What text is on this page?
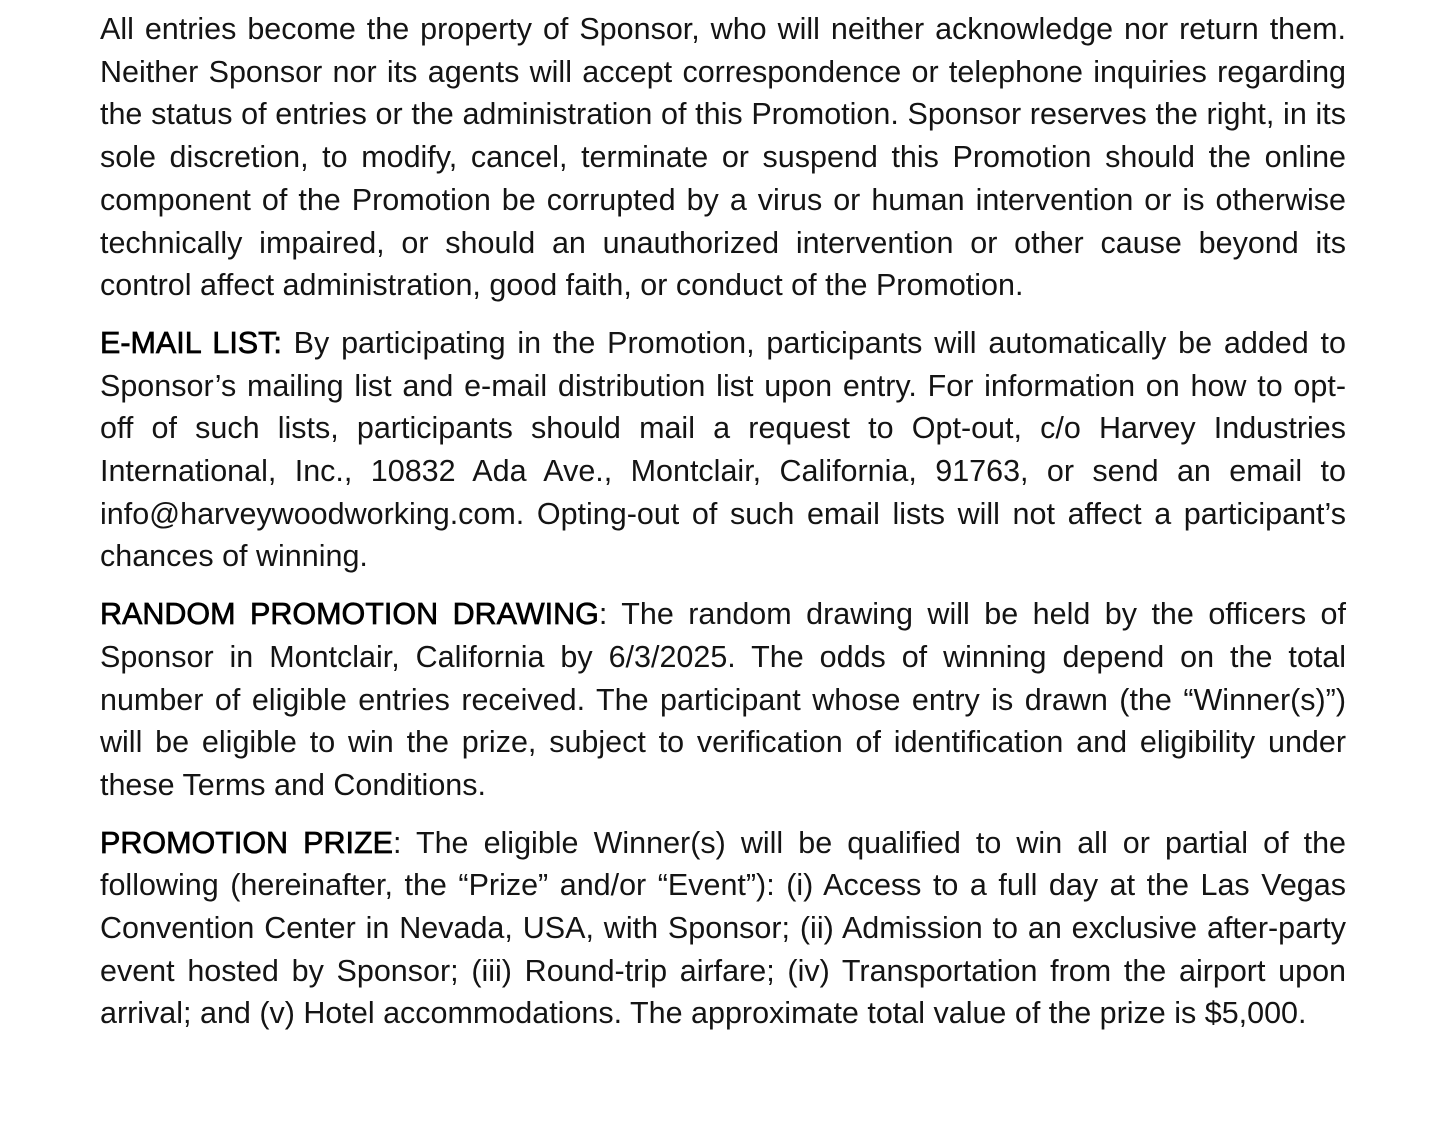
All entries become the property of Sponsor, who will neither acknowledge nor return them. Neither Sponsor nor its agents will accept correspondence or telephone inquiries regarding the status of entries or the administration of this Promotion. Sponsor reserves the right, in its sole discretion, to modify, cancel, terminate or suspend this Promotion should the online component of the Promotion be corrupted by a virus or human intervention or is otherwise technically impaired, or should an unauthorized intervention or other cause beyond its control affect administration, good faith, or conduct of the Promotion.

E-MAIL LIST: By participating in the Promotion, participants will automatically be added to Sponsor’s mailing list and e-mail distribution list upon entry. For information on how to opt-off of such lists, participants should mail a request to Opt-out, c/o Harvey Industries International, Inc., 10832 Ada Ave., Montclair, California, 91763, or send an email to info@harveywoodworking.com. Opting-out of such email lists will not affect a participant’s chances of winning.

RANDOM PROMOTION DRAWING: The random drawing will be held by the officers of Sponsor in Montclair, California by 6/3/2025. The odds of winning depend on the total number of eligible entries received. The participant whose entry is drawn (the “Winner(s)”) will be eligible to win the prize, subject to verification of identification and eligibility under these Terms and Conditions.

PROMOTION PRIZE: The eligible Winner(s) will be qualified to win all or partial of the following (hereinafter, the “Prize” and/or “Event”): (i) Access to a full day at the Las Vegas Convention Center in Nevada, USA, with Sponsor; (ii) Admission to an exclusive after-party event hosted by Sponsor; (iii) Round-trip airfare; (iv) Transportation from the airport upon arrival; and (v) Hotel accommodations. The approximate total value of the prize is $5,000.
